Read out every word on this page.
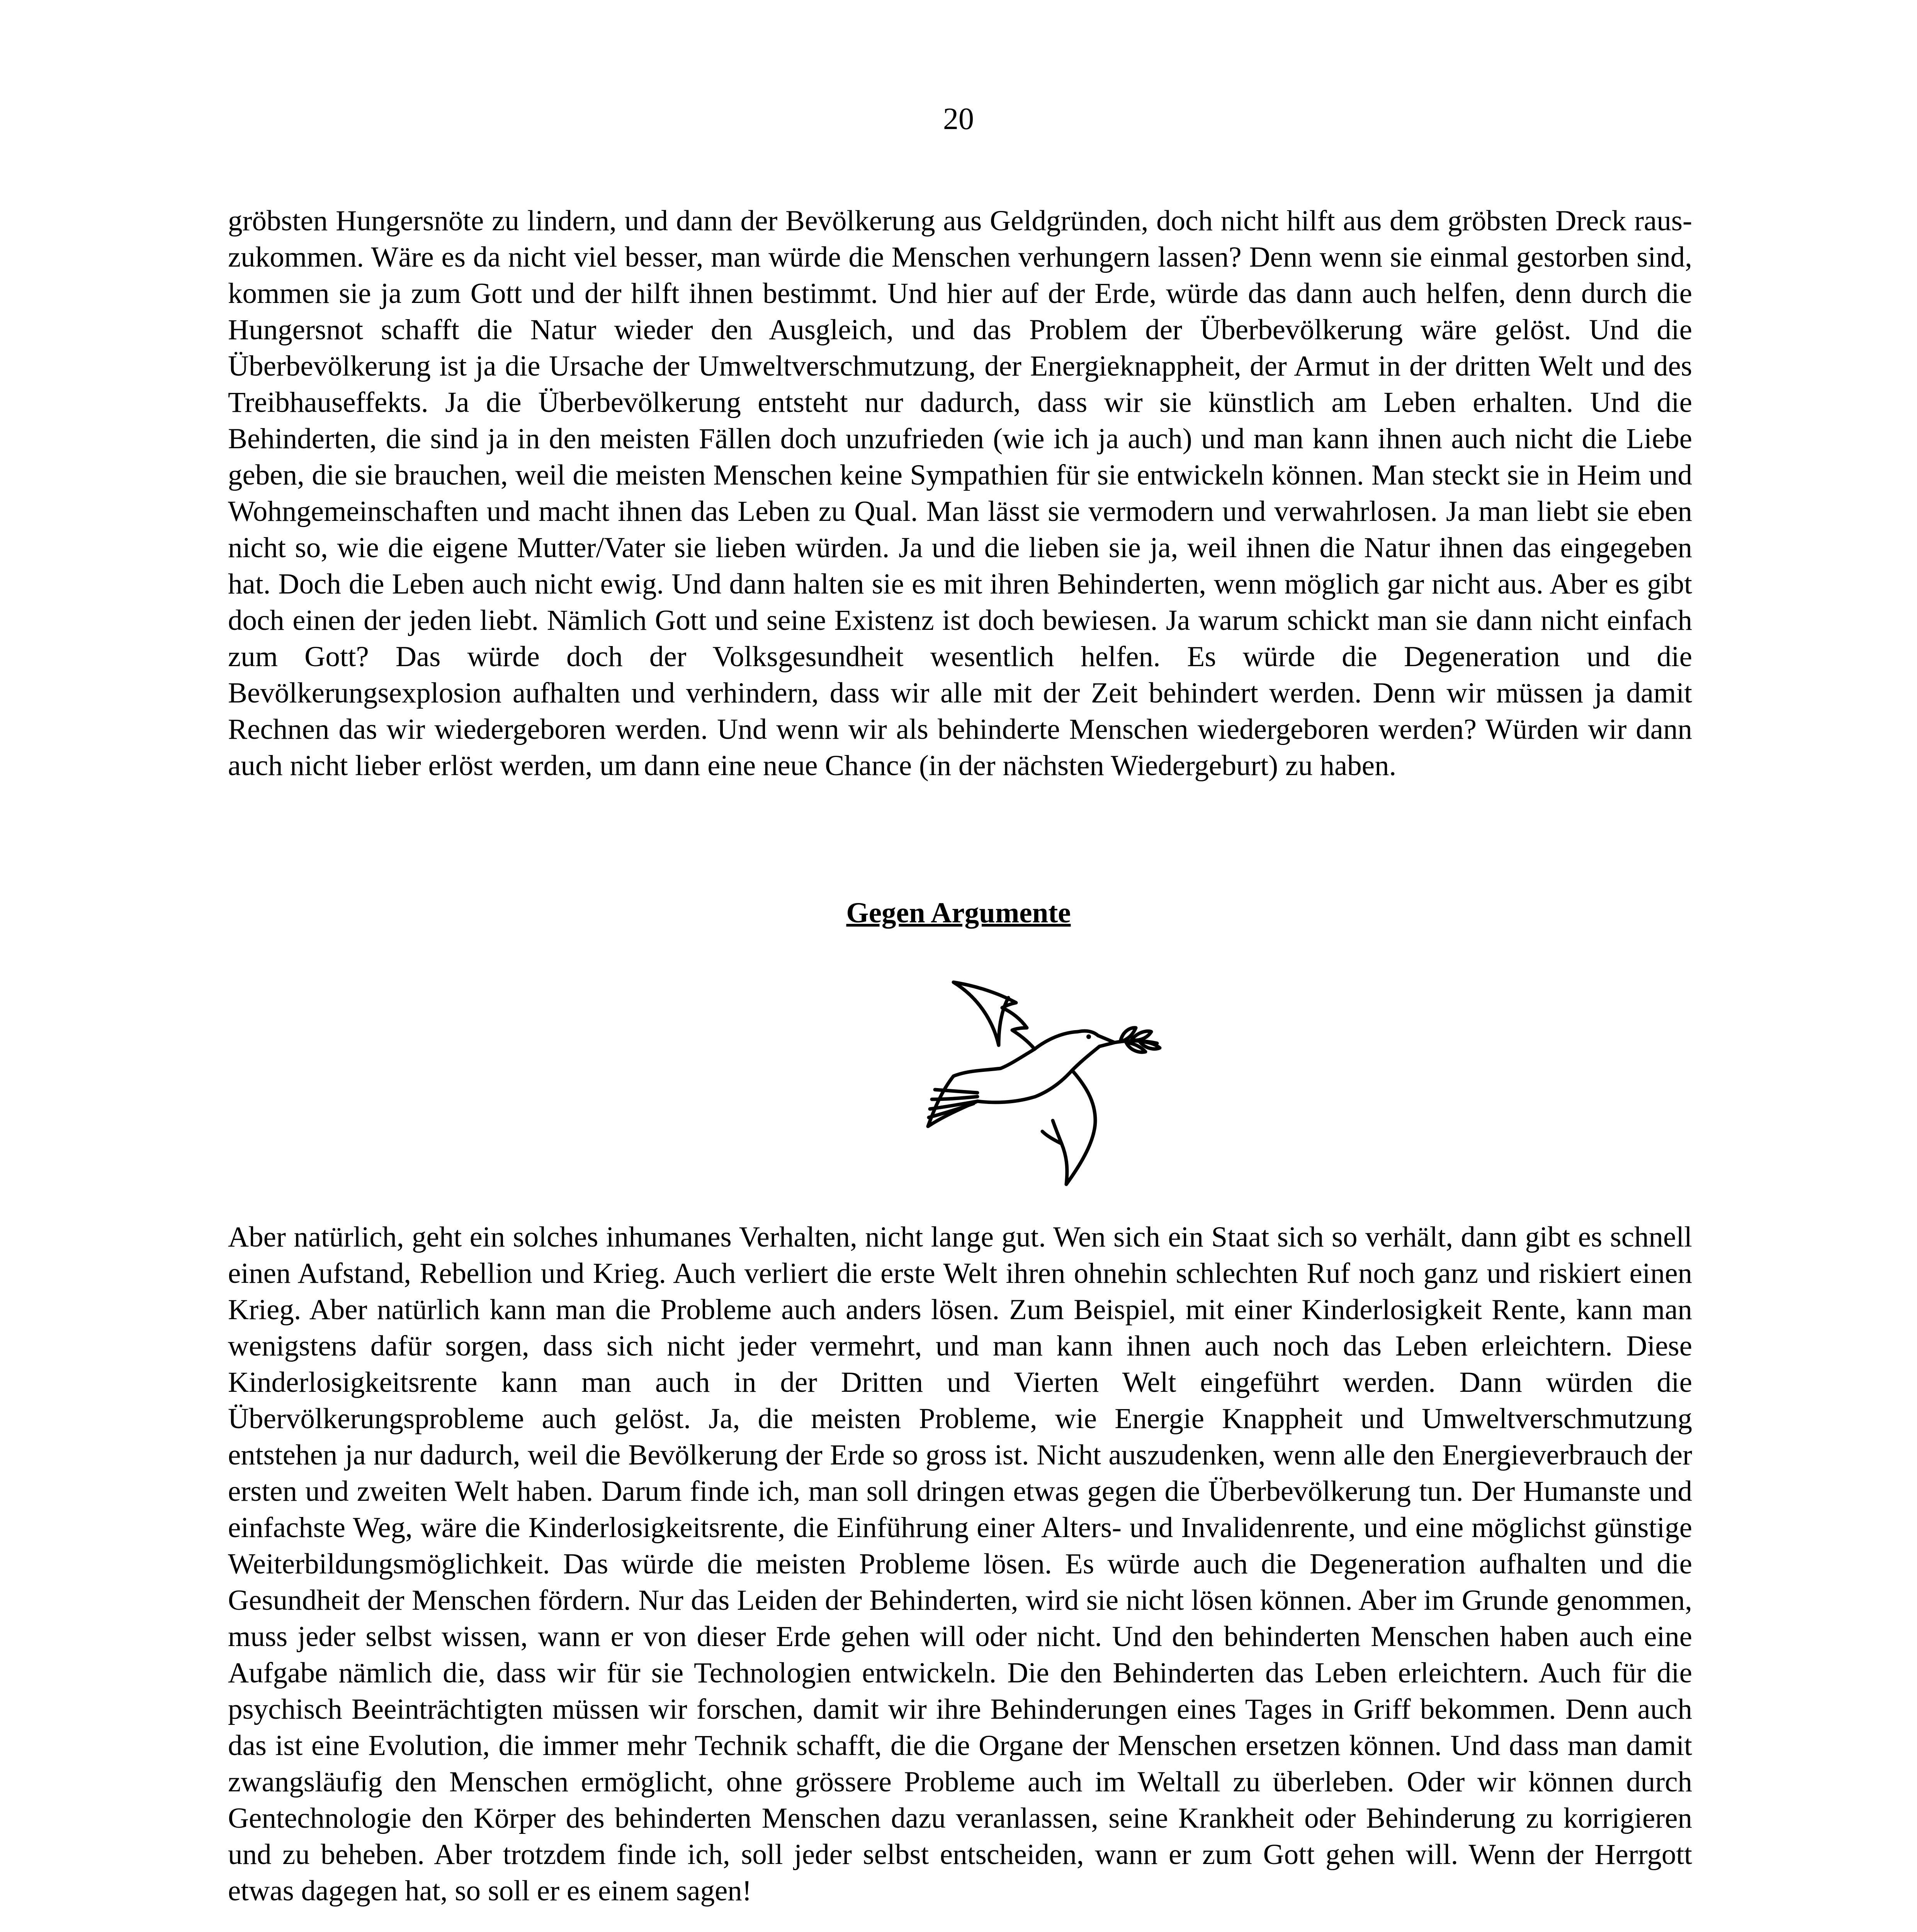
20

gröbsten Hungersnöte zu lindern, und dann der Bevölkerung aus Geldgründen, doch nicht hilft aus dem gröbsten Dreck raus- zukommen. Wäre es da nicht viel besser, man würde die Menschen verhungern lassen? Denn wenn sie einmal gestorben sind, kommen sie ja zum Gott und der hilft ihnen bestimmt. Und hier auf der Erde, würde das dann auch helfen, denn durch die Hungersnot schafft die Natur wieder den Ausgleich, und das Problem der Überbevölkerung wäre gelöst. Und die Überbevölkerung ist ja die Ursache der Umweltverschmutzung, der Energieknappheit, der Armut in der dritten Welt und des Treibhauseffekts. Ja die Überbevölkerung entsteht nur dadurch, dass wir sie künstlich am Leben erhalten. Und die Behinderten, die sind ja in den meisten Fällen doch unzufrieden (wie ich ja auch) und man kann ihnen auch nicht die Liebe geben, die sie brauchen, weil die meisten Menschen keine Sympathien für sie entwickeln können. Man steckt sie in Heim und Wohngemeinschaften und macht ihnen das Leben zu Qual. Man lässt sie vermodern und verwahrlosen. Ja man liebt sie eben nicht so, wie die eigene Mutter/Vater sie lieben würden. Ja und die lieben sie ja, weil ihnen die Natur ihnen das eingegeben hat. Doch die Leben auch nicht ewig. Und dann halten sie es mit ihren Behinderten, wenn möglich gar nicht aus. Aber es gibt doch einen der jeden liebt. Nämlich Gott und seine Existenz ist doch bewiesen. Ja warum schickt man sie dann nicht einfach zum Gott? Das würde doch der Volksgesundheit wesentlich helfen. Es würde die Degeneration und die Bevölkerungsexplosion aufhalten und verhindern, dass wir alle mit der Zeit behindert werden. Denn wir müssen ja damit Rechnen das wir wiedergeboren werden. Und wenn wir als behinderte Menschen wiedergeboren werden? Würden wir dann auch nicht lieber erlöst werden, um dann eine neue Chance (in der nächsten Wiedergeburt) zu haben.

Gegen Argumente

Aber natürlich, geht ein solches inhumanes Verhalten, nicht lange gut. Wen sich ein Staat sich so verhält, dann gibt es schnell einen Aufstand, Rebellion und Krieg. Auch verliert die erste Welt ihren ohnehin schlechten Ruf noch ganz und riskiert einen Krieg. Aber natürlich kann man die Probleme auch anders lösen. Zum Beispiel, mit einer Kinderlosigkeit Rente, kann man wenigstens dafür sorgen, dass sich nicht jeder vermehrt, und man kann ihnen auch noch das Leben erleichtern. Diese Kinderlosigkeitsrente kann man auch in der Dritten und Vierten Welt eingeführt werden. Dann würden die Übervölkerungsprobleme auch gelöst. Ja, die meisten Probleme, wie Energie Knappheit und Umweltverschmutzung entstehen ja nur dadurch, weil die Bevölkerung der Erde so gross ist. Nicht auszudenken, wenn alle den Energieverbrauch der ersten und zweiten Welt haben. Darum finde ich, man soll dringen etwas gegen die Überbevölkerung tun. Der Humanste und einfachste Weg, wäre die Kinderlosigkeitsrente, die Einführung einer Alters- und Invalidenrente, und eine möglichst günstige Weiterbildungsmöglichkeit. Das würde die meisten Probleme lösen. Es würde auch die Degeneration aufhalten und die Gesundheit der Menschen fördern. Nur das Leiden der Behinderten, wird sie nicht lösen können. Aber im Grunde genommen, muss jeder selbst wissen, wann er von dieser Erde gehen will oder nicht. Und den behinderten Menschen haben auch eine Aufgabe nämlich die, dass wir für sie Technologien entwickeln. Die den Behinderten das Leben erleichtern. Auch für die psychisch Beeinträchtigten müssen wir forschen, damit wir ihre Behinderungen eines Tages in Griff bekommen. Denn auch das ist eine Evolution, die immer mehr Technik schafft, die die Organe der Menschen ersetzen können. Und dass man damit zwangsläufig den Menschen ermöglicht, ohne grössere Probleme auch im Weltall zu überleben. Oder wir können durch Gentechnologie den Körper des behinderten Menschen dazu veranlassen, seine Krankheit oder Behinderung zu korrigieren und zu beheben. Aber trotzdem finde ich, soll jeder selbst entscheiden, wann er zum Gott gehen will. Wenn der Herrgott etwas dagegen hat, so soll er es einem sagen!
